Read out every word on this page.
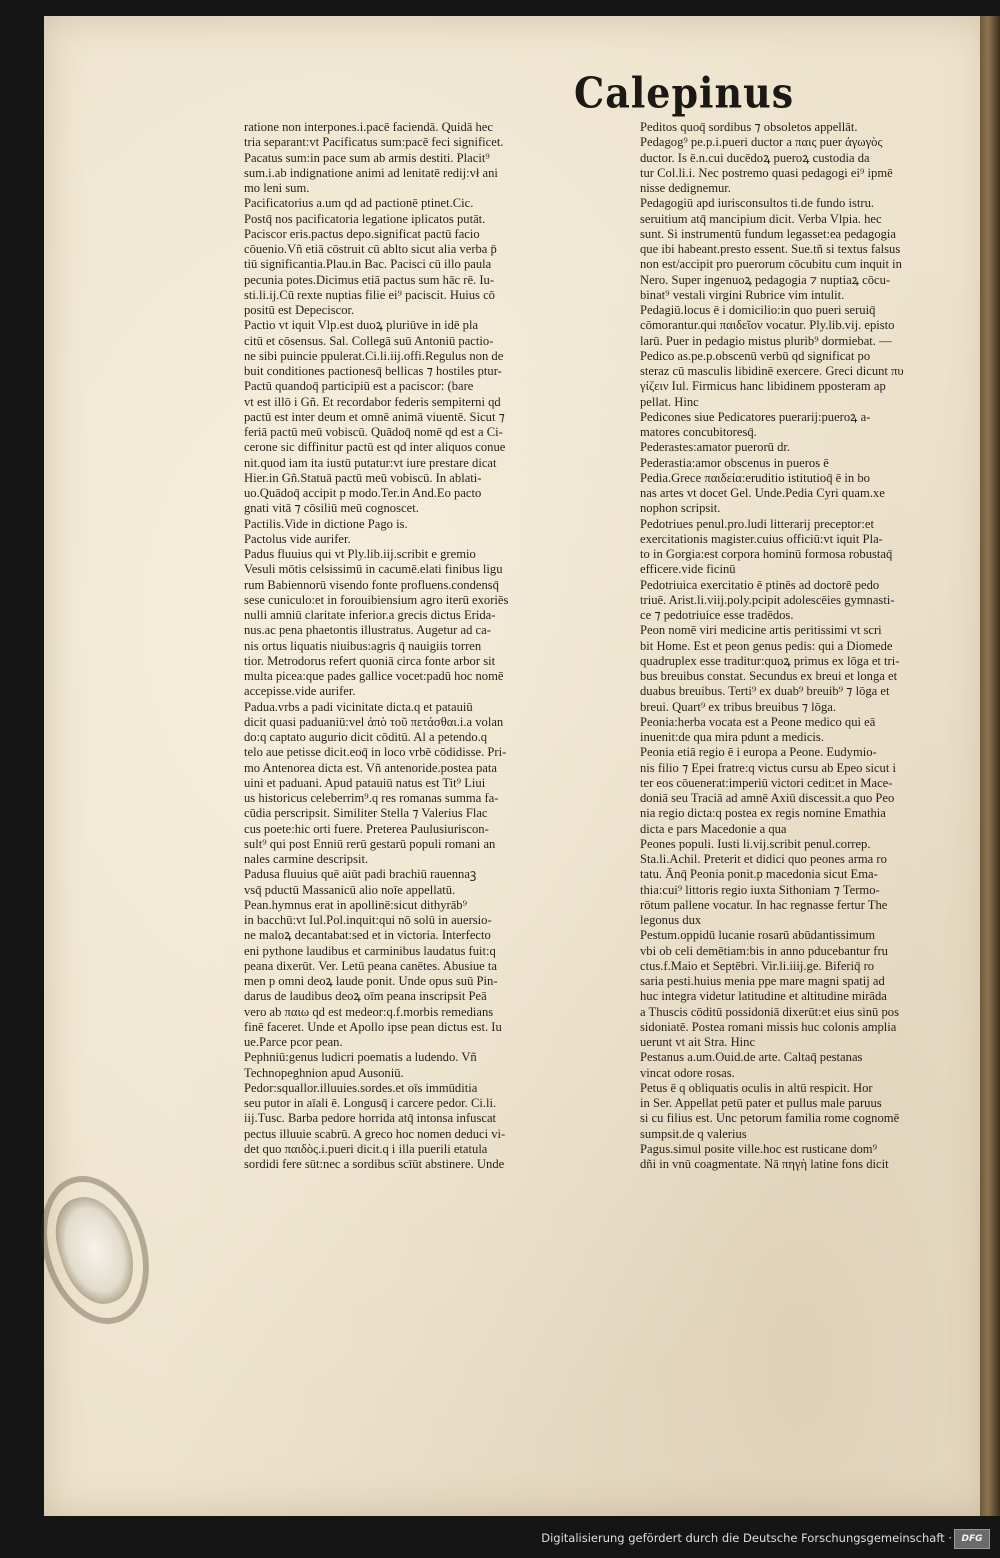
Calepinus
ratione non interpones.i.pacē faciendā. Quidā hec
tria separant:vt Pacificatus sum:pacē feci significet.
Pacatus sum:in pace sum ab armis destiti. Placit⁹
sum.i.ab indignatione animi ad lenitatē redij:vł ani
mo leni sum.
Pacificatorius a.um qd ad pactionē ptinet.Cic.
Postq̄ nos pacificatoria legatione iplicatos putāt.
Paciscor eris.pactus depo.significat pactū facio
cōuenio.Vñ etiā cōstruit cū ablto sicut alia verba p̄
tiū significantia.Plau.in Bac. Pacisci cū illo paula
pecunia potes.Dicimus etiā pactus sum hāc rē. Iu-
sti.li.ij.Cū rexte nuptias filie ei⁹ paciscit. Huius cō
positū est Depeciscor.
Pactio vt iquit Vlp.est duoꝝ pluriūve in idē pla
citū et cōsensus. Sal. Collegā suū Antoniū pactio-
ne sibi puincie ppulerat.Ci.li.iij.offi.Regulus non de
buit conditiones pactionesq̄ bellicas ⁊ hostiles ptur-
Pactū quandoq̄ participiū est a paciscor: (bare
vt est illō i Gñ. Et recordabor federis sempiterni qd
pactū est inter deum et omnē animā viuentē. Sicut ⁊
feriā pactū meū vobiscū. Quādoq̄ nomē qd est a Ci-
cerone sic diffinitur pactū est qd inter aliquos conue
nit.quod iam ita iustū putatur:vt iure prestare dicat
Hier.in Gñ.Statuā pactū meū vobiscū. In ablati-
uo.Quādoq̄ accipit p modo.Ter.in And.Eo pacto
gnati vitā ⁊ cōsiliū meū cognoscet.
Pactilis.Vide in dictione Pago is.
Pactolus vide aurifer.
Padus fluuius qui vt Ply.lib.iij.scribit e gremio
Vesuli mōtis celsissimū in cacumē.elati finibus ligu
rum Babiennorū visendo fonte profluens.condensq̄
sese cuniculo:et in forouibiensium agro iterū exoriēs
nulli amniū claritate inferior.a grecis dictus Erida-
nus.ac pena phaetontis illustratus. Augetur ad ca-
nis ortus liquatis niuibus:agris q̄ nauigiis torren
tior. Metrodorus refert quoniā circa fonte arbor sit
multa picea:que pades gallice vocet:padū hoc nomē
accepisse.vide aurifer.
Padua.vrbs a padi vicinitate dicta.q et patauiū
dicit quasi paduaniū:vel ἀπὸ τοῦ πετάσθαι.i.a volan
do:q captato augurio dicit cōditū. Al a petendo.q
telo aue petisse dicit.eoq̄ in loco vrbē cōdidisse. Pri-
mo Antenorea dicta est. Vñ antenoride.postea pata
uini et paduani. Apud patauiū natus est Tit⁹ Liui
us historicus celeberrim⁹.q res romanas summa fa-
cūdia perscripsit. Similiter Stella ⁊ Valerius Flac
cus poete:hic orti fuere. Preterea Paulusiuriscon-
sult⁹ qui post Enniū rerū gestarū populi romani an
nales carmine descripsit.
Padusa fluuius quē aiūt padi brachiū rauennaꝫ
vsq̄ pductū Massanicū alio noīe appellatū.
Pean.hymnus erat in apollinē:sicut dithyrāb⁹
in bacchū:vt Iul.Pol.inquit:qui nō solū in auersio-
ne maloꝝ decantabat:sed et in victoria. Interfecto
eni pythone laudibus et carminibus laudatus fuit:q
peana dixerūt. Ver. Letū peana canētes. Abusiue ta
men p omni deoꝝ laude ponit. Unde opus suū Pin-
darus de laudibus deoꝝ oīm peana inscripsit Peā
vero ab παιω qd est medeor:q.f.morbis remedians
finē faceret. Unde et Apollo ipse pean dictus est. Iu
ue.Parce pcor pean.
Pephniū:genus ludicri poematis a ludendo. Vñ
Technopeghnion apud Ausoniū.
Pedor:squallor.illuuies.sordes.et oīs immūditia
seu putor in aīali ē. Longusq̄ i carcere pedor. Ci.li.
iij.Tusc. Barba pedore horrida atq̄ intonsa infuscat
pectus illuuie scabrū. A greco hoc nomen deduci vi-
det quo παιδὸς.i.pueri dicit.q i illa puerili etatula
sordidi fere sūt:nec a sordibus scīūt abstinere. Unde
Peditos quoq̄ sordibus ⁊ obsoletos appellāt.
Pedagog⁹ pe.p.i.pueri ductor a παις puer ἀγωγὸς
ductor. Is ē.n.cui ducēdoꝝ pueroꝝ custodia da
tur Col.li.i. Nec postremo quasi pedagogi ei⁹ ipmē
nisse dedignemur.
Pedagogiū apd iurisconsultos ti.de fundo istru.
seruitium atq̄ mancipium dicit. Verba Vlpia. hec
sunt. Si instrumentū fundum legasset:ea pedagogia
que ibi habeant.presto essent. Sue.tñ si textus falsus
non est/accipit pro puerorum cōcubitu cum inquit in
Nero. Super ingenuoꝝ pedagogia ⁊ nuptiaꝝ cōcu-
binat⁹ vestali virgini Rubrice vim intulit.
Pedagiū.locus ē i domicilio:in quo pueri seruiq̄
cōmorantur.qui παιδεῖον vocatur. Ply.lib.vij. episto
larū. Puer in pedagio mistus plurib⁹ dormiebat. —
Pedico as.pe.p.obscenū verbū qd significat po
steraz cū masculis libidinē exercere. Greci dicunt πυ
γίζειν Iul. Firmicus hanc libidinem pposteram ap
pellat. Hinc
Pedicones siue Pedicatores puerarij:pueroꝝ a-
matores concubitoresq̄.
Pederastes:amator puerorū dr.
Pederastia:amor obscenus in pueros ē
Pedia.Grece παιδεία:eruditio istitutioq̄ ē in bo
nas artes vt docet Gel. Unde.Pedia Cyri quam.xe
nophon scripsit.
Pedotriues penul.pro.ludi litterarij preceptor:et
exercitationis magister.cuius officiū:vt iquit Pla-
to in Gorgia:est corpora hominū formosa robustaq̄
efficere.vide ficinū
Pedotriuica exercitatio ē ptinēs ad doctorē pedo
triuē. Arist.li.viij.poly.pcipit adolescēies gymnasti-
ce ⁊ pedotriuice esse tradēdos.
Peon nomē viri medicine artis peritissimi vt scri
bit Home. Est et peon genus pedis: qui a Diomede
quadruplex esse traditur:quoꝝ primus ex lōga et tri-
bus breuibus constat. Secundus ex breui et longa et
duabus breuibus. Terti⁹ ex duab⁹ breuib⁹ ⁊ lōga et
breui. Quart⁹ ex tribus breuibus ⁊ lōga.
Peonia:herba vocata est a Peone medico qui eā
inuenit:de qua mira pdunt a medicis.
Peonia etiā regio ē i europa a Peone. Eudymio-
nis filio ⁊ Epei fratre:q victus cursu ab Epeo sicut i
ter eos cōuenerat:imperiū victori cedit:et in Mace-
doniā seu Traciā ad amnē Axiū discessit.a quo Peo
nia regio dicta:q postea ex regis nomine Emathia
dicta e pars Macedonie a qua
Peones populi. Iusti li.vij.scribit penul.correp.
Sta.li.Achil. Preterit et didici quo peones arma ro
tatu. Ānq̄ Peonia ponit.p macedonia sicut Ema-
thia:cui⁹ littoris regio iuxta Sithoniam ⁊ Termo-
rōtum pallene vocatur. In hac regnasse fertur The
legonus dux
Pestum.oppidū lucanie rosarū abūdantissimum
vbi ob celi demētiam:bis in anno pducebantur fru
ctus.f.Maio et Septēbri. Vir.li.iiij.ge. Biferiq̄ ro
saria pesti.huius menia ppe mare magni spatij ad
huc integra videtur latitudine et altitudine mirāda
a Thuscis cōditū possidoniā dixerūt:et eius sinū pos
sidoniatē. Postea romani missis huc colonis amplia
uerunt vt ait Stra. Hinc
Pestanus a.um.Ouid.de arte. Caltaq̄ pestanas
vincat odore rosas.
Petus ē q obliquatis oculis in altū respicit. Hor
in Ser. Appellat petū pater et pullus male paruus
si cu filius est. Unc petorum familia rome cognomē
sumpsit.de q valerius
Pagus.simul posite ville.hoc est rusticane dom⁹
dñi in vnū coagmentate. Nā πηγὴ latine fons dicit
Digitalisierung gefördert durch die Deutsche Forschungsgemeinschaft ·	DFG
